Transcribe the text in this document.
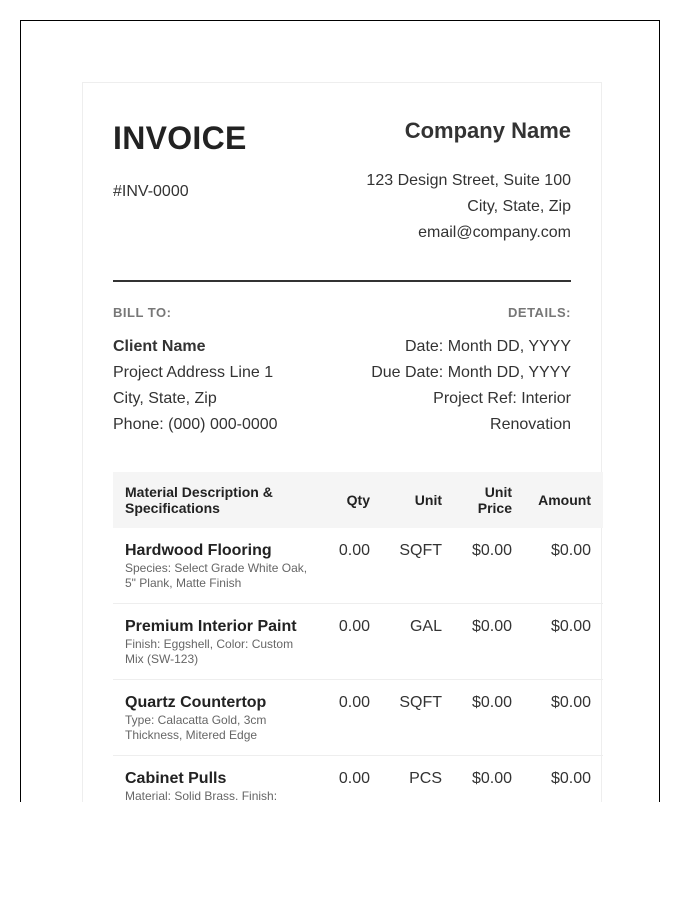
INVOICE
#INV-0000
Company Name
123 Design Street, Suite 100
City, State, Zip
email@company.com
BILL TO:	DETAILS:
Client Name
Project Address Line 1
City, State, Zip
Phone: (000) 000-0000
Date: Month DD, YYYY
Due Date: Month DD, YYYY
Project Ref: Interior Renovation
Material Description & Specifications	Qty	Unit	Unit Price	Amount

Hardwood Flooring
Species: Select Grade White Oak, 5" Plank, Matte Finish	0.00	SQFT	$0.00	$0.00

Premium Interior Paint
Finish: Eggshell, Color: Custom Mix (SW-123)	0.00	GAL	$0.00	$0.00

Quartz Countertop
Type: Calacatta Gold, 3cm Thickness, Mitered Edge	0.00	SQFT	$0.00	$0.00

Cabinet Pulls
Material: Solid Brass. Finish:	0.00	PCS	$0.00	$0.00
